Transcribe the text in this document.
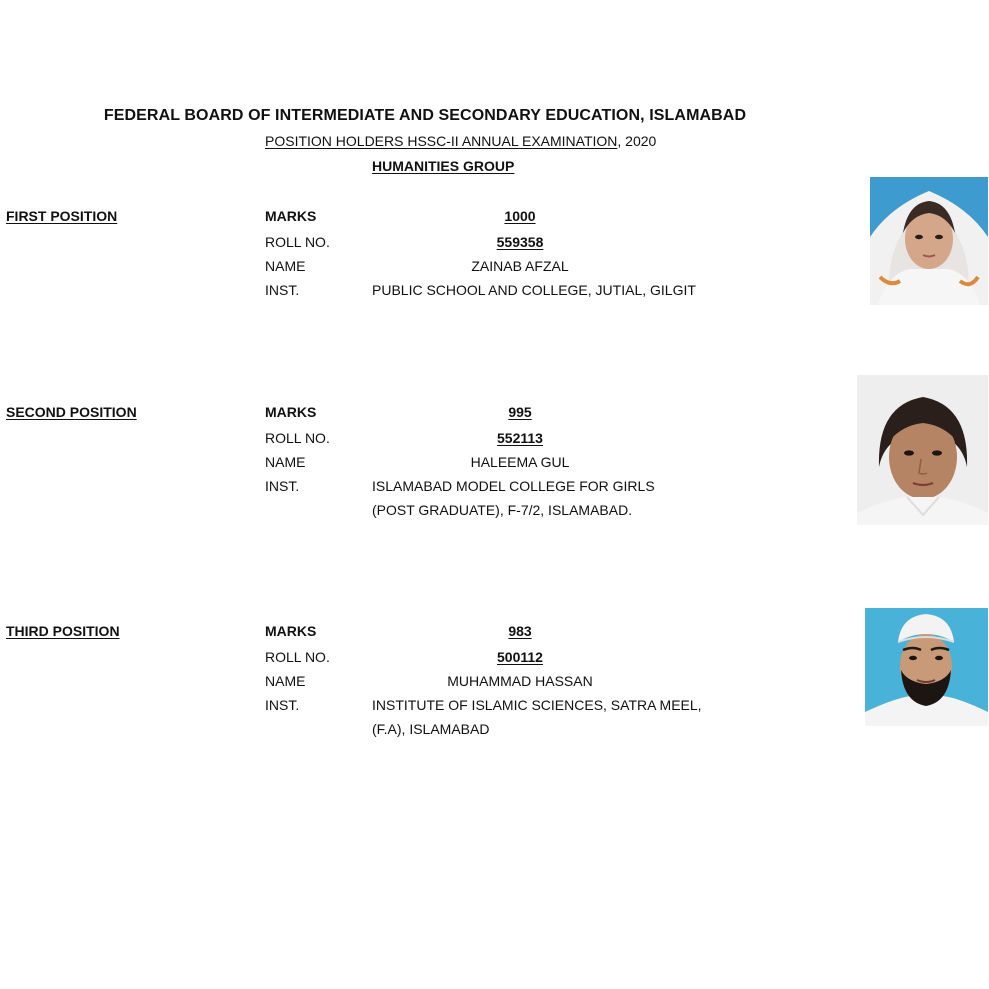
FEDERAL BOARD OF INTERMEDIATE AND SECONDARY EDUCATION, ISLAMABAD
POSITION HOLDERS HSSC-II ANNUAL EXAMINATION, 2020
HUMANITIES GROUP
FIRST POSITION	MARKS	1000
ROLL NO.	559358
NAME	ZAINAB AFZAL
INST.	PUBLIC SCHOOL AND COLLEGE, JUTIAL, GILGIT
SECOND POSITION	MARKS	995
ROLL NO.	552113
NAME	HALEEMA GUL
INST.	ISLAMABAD MODEL COLLEGE FOR GIRLS
(POST GRADUATE), F-7/2, ISLAMABAD.
THIRD POSITION	MARKS	983
ROLL NO.	500112
NAME	MUHAMMAD HASSAN
INST.	INSTITUTE OF ISLAMIC SCIENCES, SATRA MEEL,
(F.A), ISLAMABAD
